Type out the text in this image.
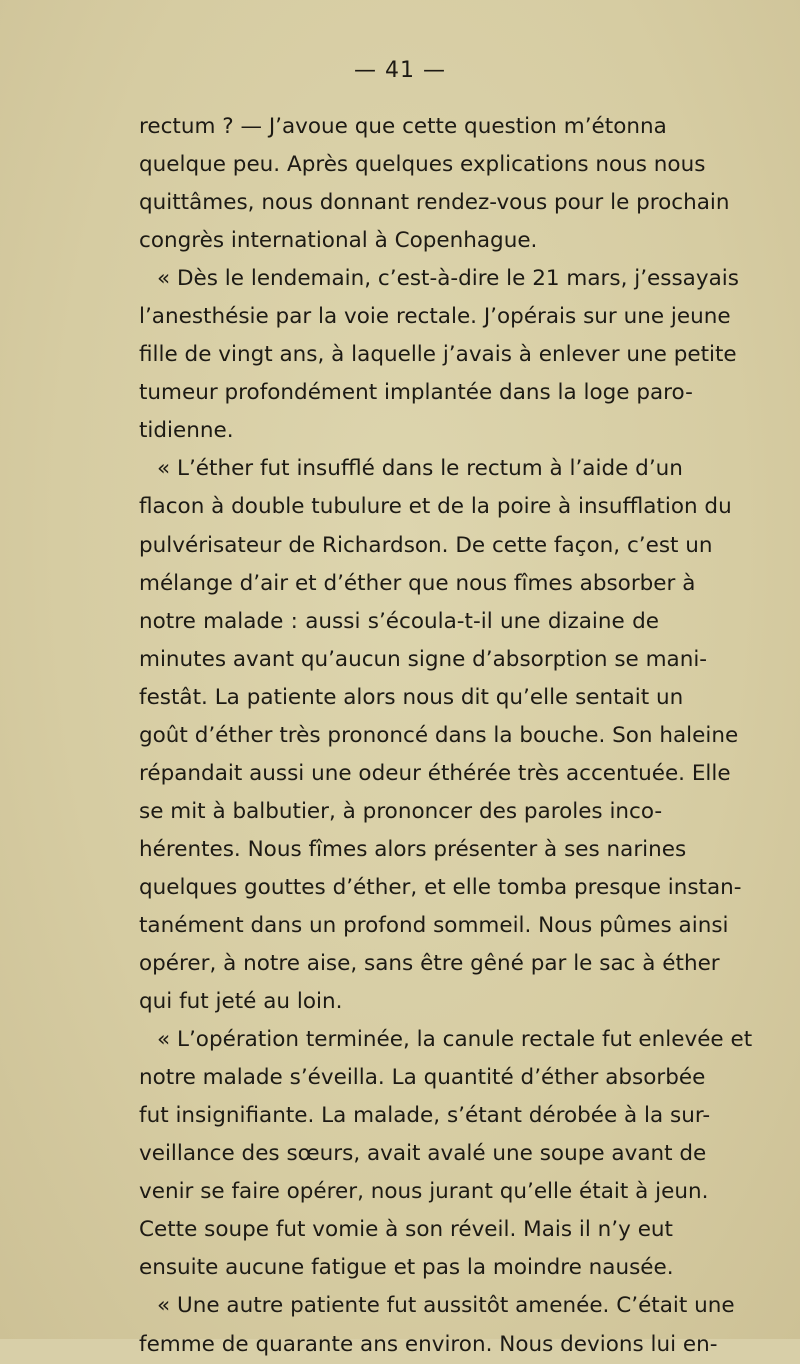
— 41 —
rectum ? — J’avoue que cette question m’étonna
quelque peu. Après quelques explications nous nous
quittâmes, nous donnant rendez-vous pour le prochain
congrès international à Copenhague.
« Dès le lendemain, c’est-à-dire le 21 mars, j’essayais
l’anesthésie par la voie rectale. J’opérais sur une jeune
fille de vingt ans, à laquelle j’avais à enlever une petite
tumeur profondément implantée dans la loge paro-
tidienne.
« L’éther fut insufflé dans le rectum à l’aide d’un
flacon à double tubulure et de la poire à insufflation du
pulvérisateur de Richardson. De cette façon, c’est un
mélange d’air et d’éther que nous fîmes absorber à
notre malade : aussi s’écoula-t-il une dizaine de
minutes avant qu’aucun signe d’absorption se mani-
festât. La patiente alors nous dit qu’elle sentait un
goût d’éther très prononcé dans la bouche. Son haleine
répandait aussi une odeur éthérée très accentuée. Elle
se mit à balbutier, à prononcer des paroles inco-
hérentes. Nous fîmes alors présenter à ses narines
quelques gouttes d’éther, et elle tomba presque instan-
tanément dans un profond sommeil. Nous pûmes ainsi
opérer, à notre aise, sans être gêné par le sac à éther
qui fut jeté au loin.
« L’opération terminée, la canule rectale fut enlevée et
notre malade s’éveilla. La quantité d’éther absorbée
fut insignifiante. La malade, s’étant dérobée à la sur-
veillance des sœurs, avait avalé une soupe avant de
venir se faire opérer, nous jurant qu’elle était à jeun.
Cette soupe fut vomie à son réveil. Mais il n’y eut
ensuite aucune fatigue et pas la moindre nausée.
« Une autre patiente fut aussitôt amenée. C’était une
femme de quarante ans environ. Nous devions lui en-
